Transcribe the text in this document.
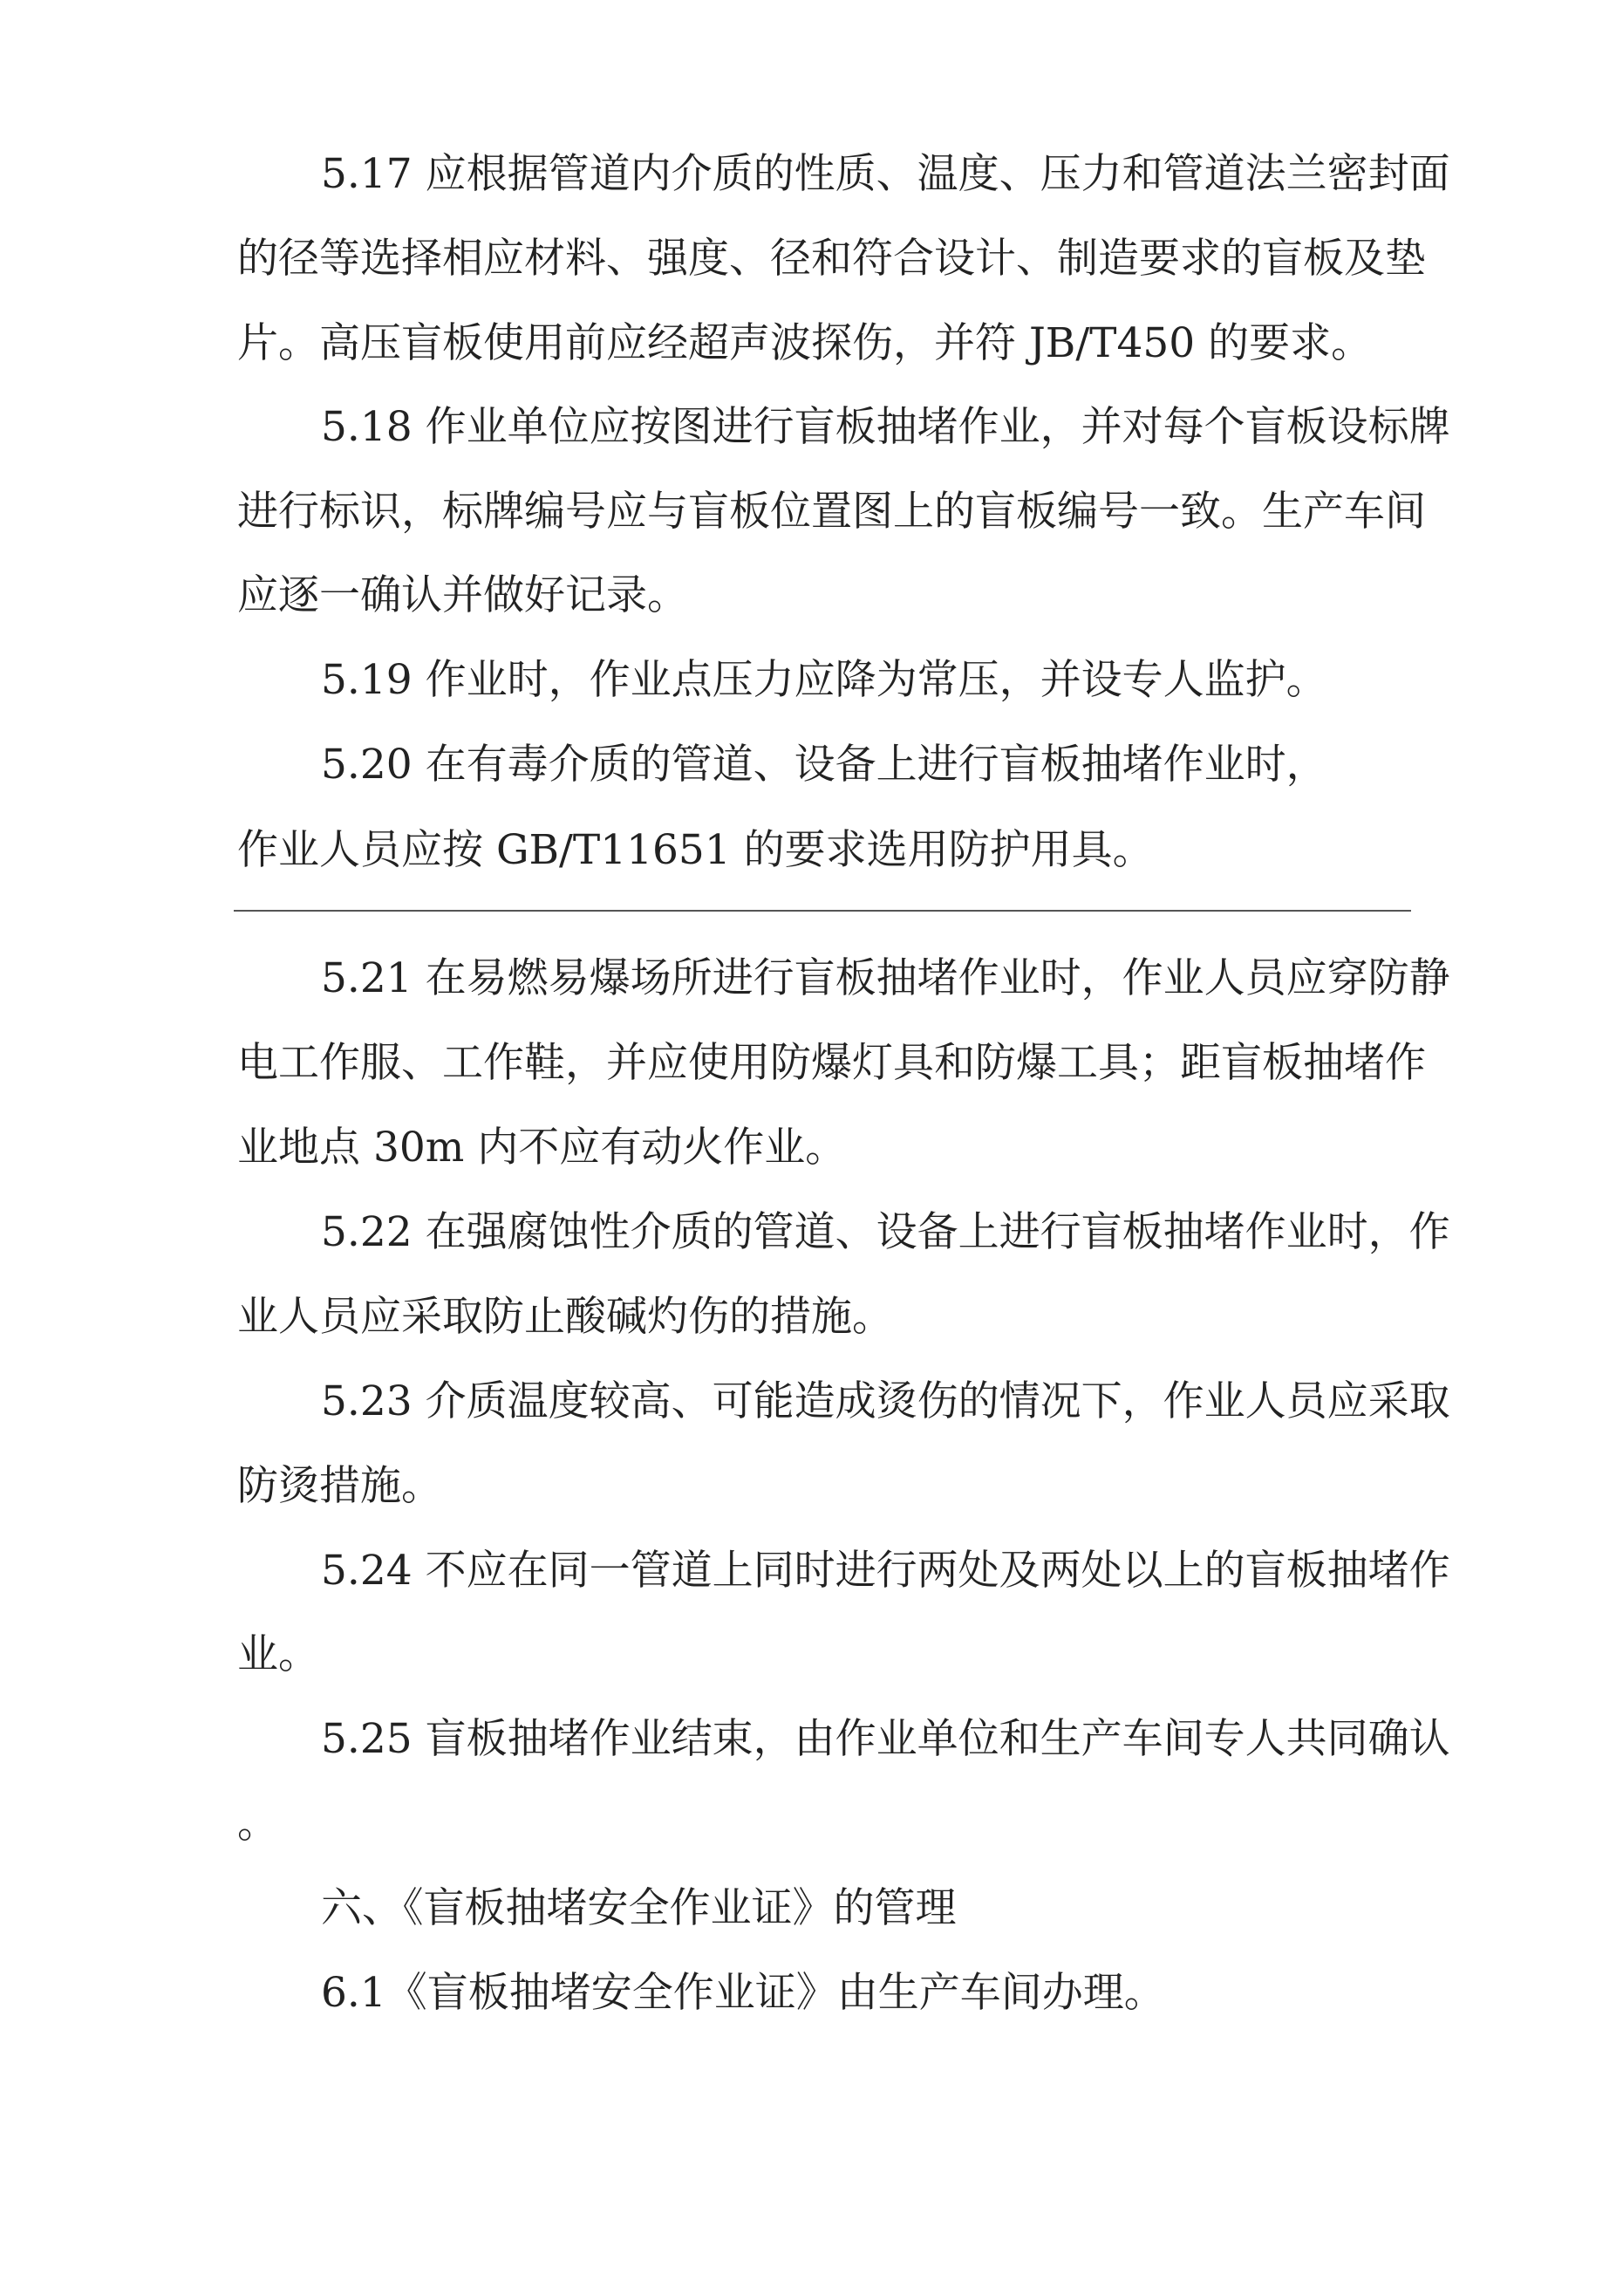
5.17 应根据管道内介质的性质、温度、压力和管道法兰密封面
的径等选择相应材料、强度、径和符合设计、制造要求的盲板及垫
片。高压盲板使用前应经超声波探伤，并符 JB/T450 的要求。
5.18 作业单位应按图进行盲板抽堵作业，并对每个盲板设标牌
进行标识，标牌编号应与盲板位置图上的盲板编号一致。生产车间
应逐一确认并做好记录。
5.19 作业时，作业点压力应降为常压，并设专人监护。
5.20 在有毒介质的管道、设备上进行盲板抽堵作业时，
作业人员应按 GB/T11651 的要求选用防护用具。
5.21 在易燃易爆场所进行盲板抽堵作业时，作业人员应穿防静
电工作服、工作鞋，并应使用防爆灯具和防爆工具；距盲板抽堵作
业地点 30m 内不应有动火作业。
5.22 在强腐蚀性介质的管道、设备上进行盲板抽堵作业时，作
业人员应采取防止酸碱灼伤的措施。
5.23 介质温度较高、可能造成烫伤的情况下，作业人员应采取
防烫措施。
5.24 不应在同一管道上同时进行两处及两处以上的盲板抽堵作
业。
5.25 盲板抽堵作业结束，由作业单位和生产车间专人共同确认
。
六、《盲板抽堵安全作业证》的管理
6.1《盲板抽堵安全作业证》由生产车间办理。
